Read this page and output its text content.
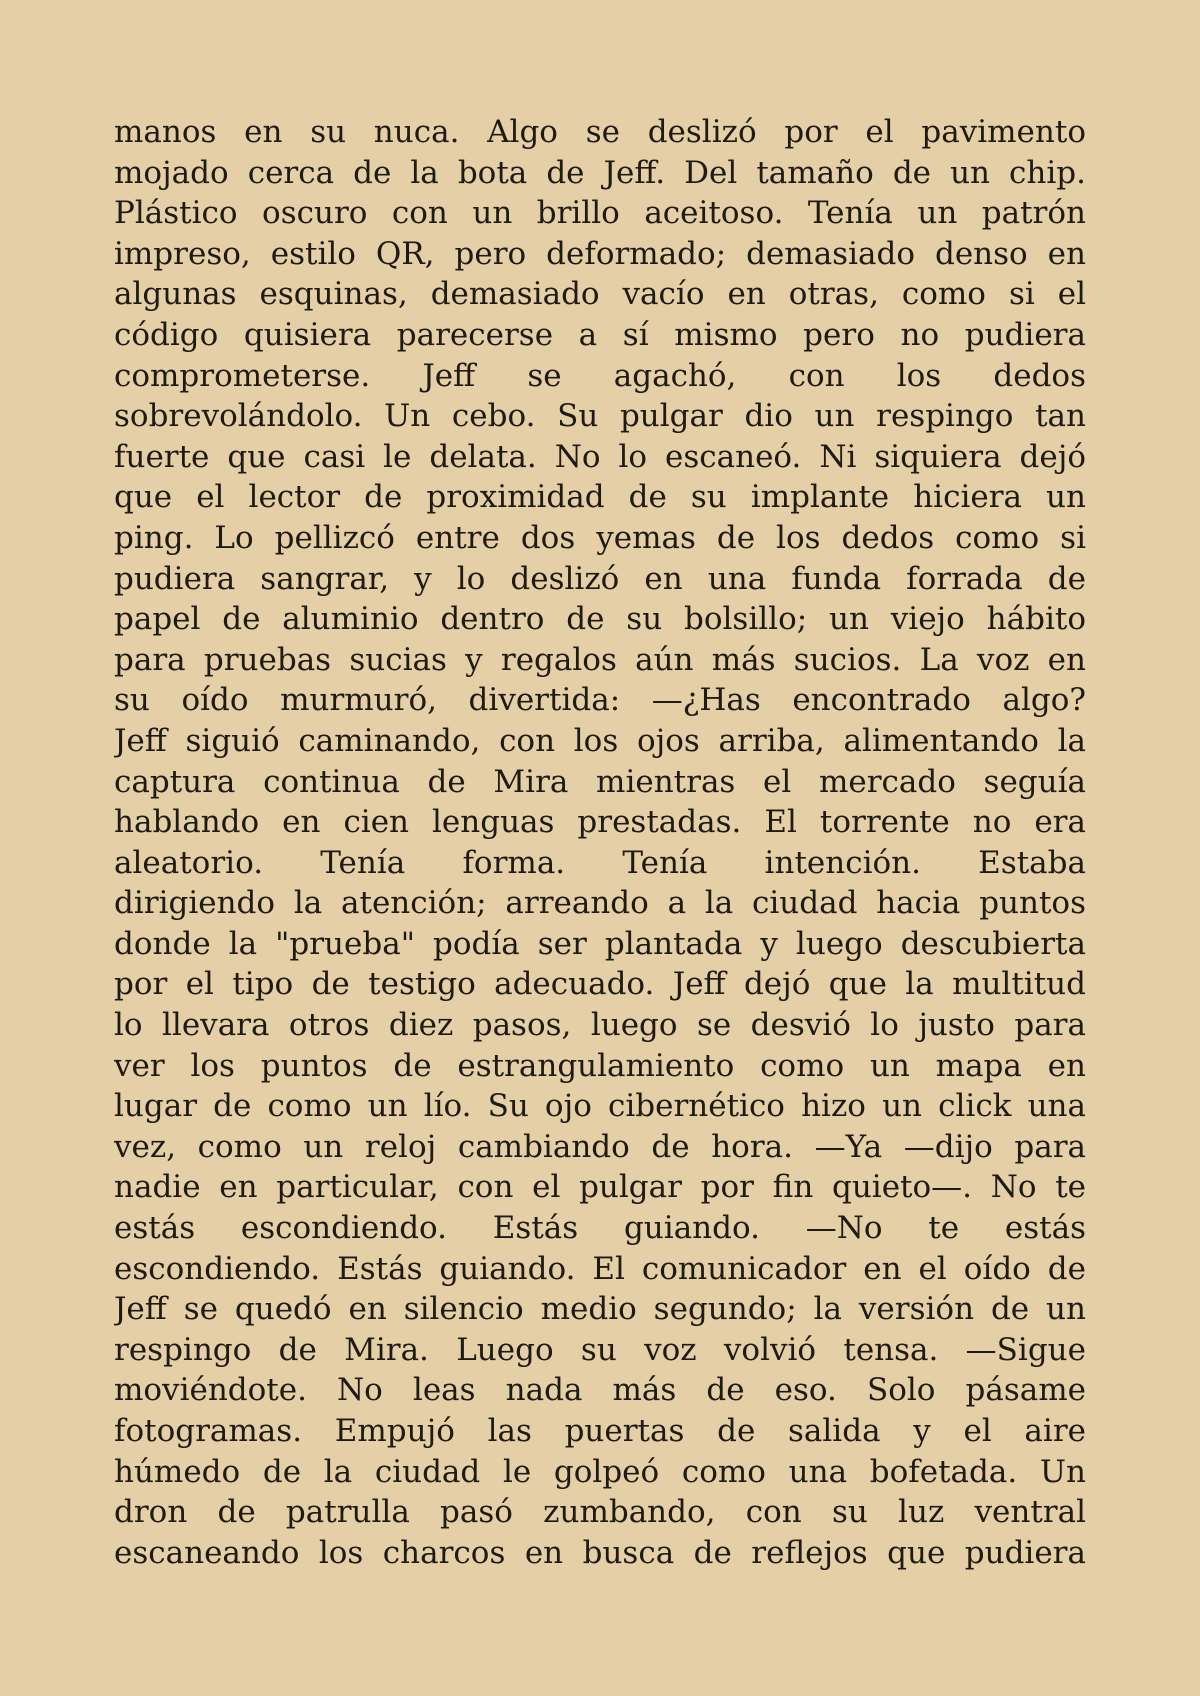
manos en su nuca. Algo se deslizó por el pavimento
mojado cerca de la bota de Jeff. Del tamaño de un chip.
Plástico oscuro con un brillo aceitoso. Tenía un patrón
impreso, estilo QR, pero deformado; demasiado denso en
algunas esquinas, demasiado vacío en otras, como si el
código quisiera parecerse a sí mismo pero no pudiera
comprometerse. Jeff se agachó, con los dedos
sobrevolándolo. Un cebo. Su pulgar dio un respingo tan
fuerte que casi le delata. No lo escaneó. Ni siquiera dejó
que el lector de proximidad de su implante hiciera un
ping. Lo pellizcó entre dos yemas de los dedos como si
pudiera sangrar, y lo deslizó en una funda forrada de
papel de aluminio dentro de su bolsillo; un viejo hábito
para pruebas sucias y regalos aún más sucios. La voz en
su oído murmuró, divertida: —¿Has encontrado algo?
Jeff siguió caminando, con los ojos arriba, alimentando la
captura continua de Mira mientras el mercado seguía
hablando en cien lenguas prestadas. El torrente no era
aleatorio. Tenía forma. Tenía intención. Estaba
dirigiendo la atención; arreando a la ciudad hacia puntos
donde la "prueba" podía ser plantada y luego descubierta
por el tipo de testigo adecuado. Jeff dejó que la multitud
lo llevara otros diez pasos, luego se desvió lo justo para
ver los puntos de estrangulamiento como un mapa en
lugar de como un lío. Su ojo cibernético hizo un click una
vez, como un reloj cambiando de hora. —Ya —dijo para
nadie en particular, con el pulgar por fin quieto—. No te
estás escondiendo. Estás guiando. —No te estás
escondiendo. Estás guiando. El comunicador en el oído de
Jeff se quedó en silencio medio segundo; la versión de un
respingo de Mira. Luego su voz volvió tensa. —Sigue
moviéndote. No leas nada más de eso. Solo pásame
fotogramas. Empujó las puertas de salida y el aire
húmedo de la ciudad le golpeó como una bofetada. Un
dron de patrulla pasó zumbando, con su luz ventral
escaneando los charcos en busca de reflejos que pudiera
